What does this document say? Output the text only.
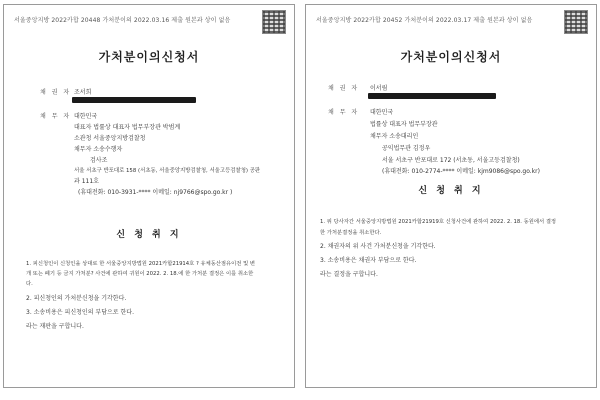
서울중앙지방 2022카합 20448 가처분이의 2022.03.16 제출 원본과 상이 없음
가처분이의신청서
채 권 자 조서희
채 무 자 대한민국
대표자 법률상 대표자 법무부장관 박범계
소관청 서울중앙지방검찰청
채무자 소송수행자
검사조
서울 서초구 반포대로 158 (서초동, 서울중앙지방검찰청, 서울고등검찰청) 공판
과 111호
(휴대전화: 010-3931-**** 이메일: nj9766@spo.go.kr )
신 청 취 지
1. 피신청인이 신청인을 상대로 한 서울중앙지방법원 2021카합21914호 ? 유체동산점유이전 및 변
개 또는 폐기 등 금지 가처분? 사건에 관하여 귀원이 2022. 2. 18.에 한 가처분 결정은 이를 취소한
다.
2. 피신청인의 가처분신청을 기각한다.
3. 소송비용은 피신청인의 부담으로 한다.
라는 재판을 구합니다.
서울중앙지방 2022카합 20452 가처분이의 2022.03.17 제출 원본과 상이 없음
가처분이의신청서
채 권 자 이서림
채 무 자 대한민국
법률상 대표자 법무부장관
채무자 소송대리인
공익법무관 김정우
서울 서초구 반포대로 172 (서초동, 서울고등검찰청)
(휴대전화: 010-2774-**** 이메일: kjm9086@spo.go.kr)
신 청 취 지
1. 위 당사자간 서울중앙지방법원 2021카합21919호 신청사건에 관하여 2022. 2. 18. 동원에서 결정
한 가처분결정을 취소한다.
2. 채권자의 위 사건 가처분신청을 기각한다.
3. 소송비용은 채권자 부담으로 한다.
라는 결정을 구합니다.
